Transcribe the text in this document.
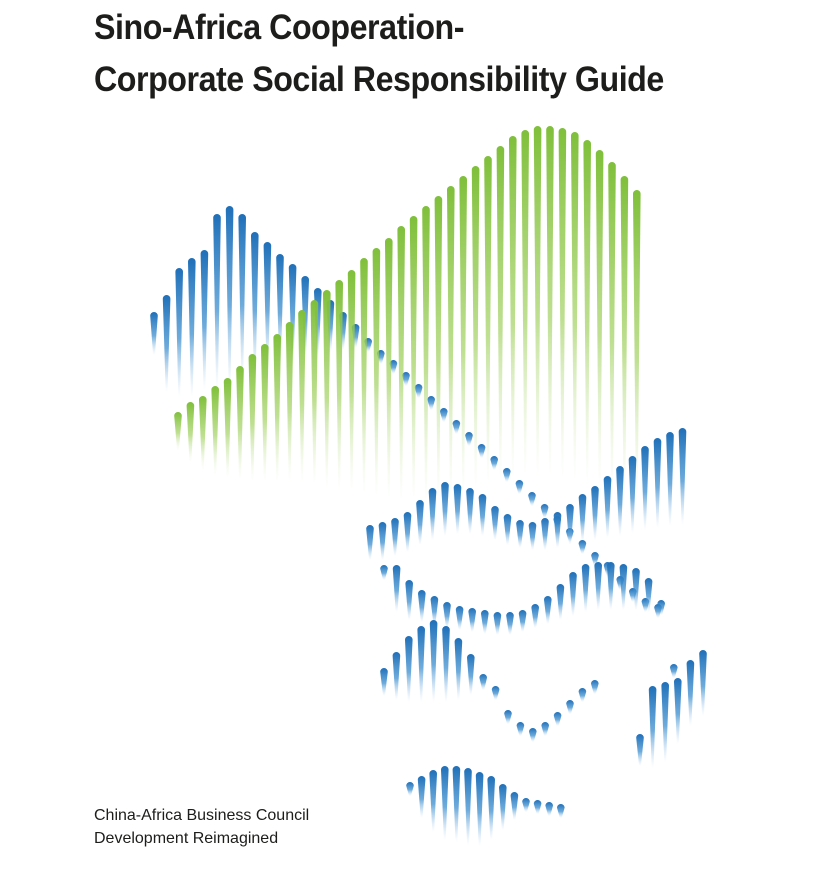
Sino-Africa Cooperation-
Corporate Social Responsibility Guide
China-Africa Business Council
Development Reimagined
